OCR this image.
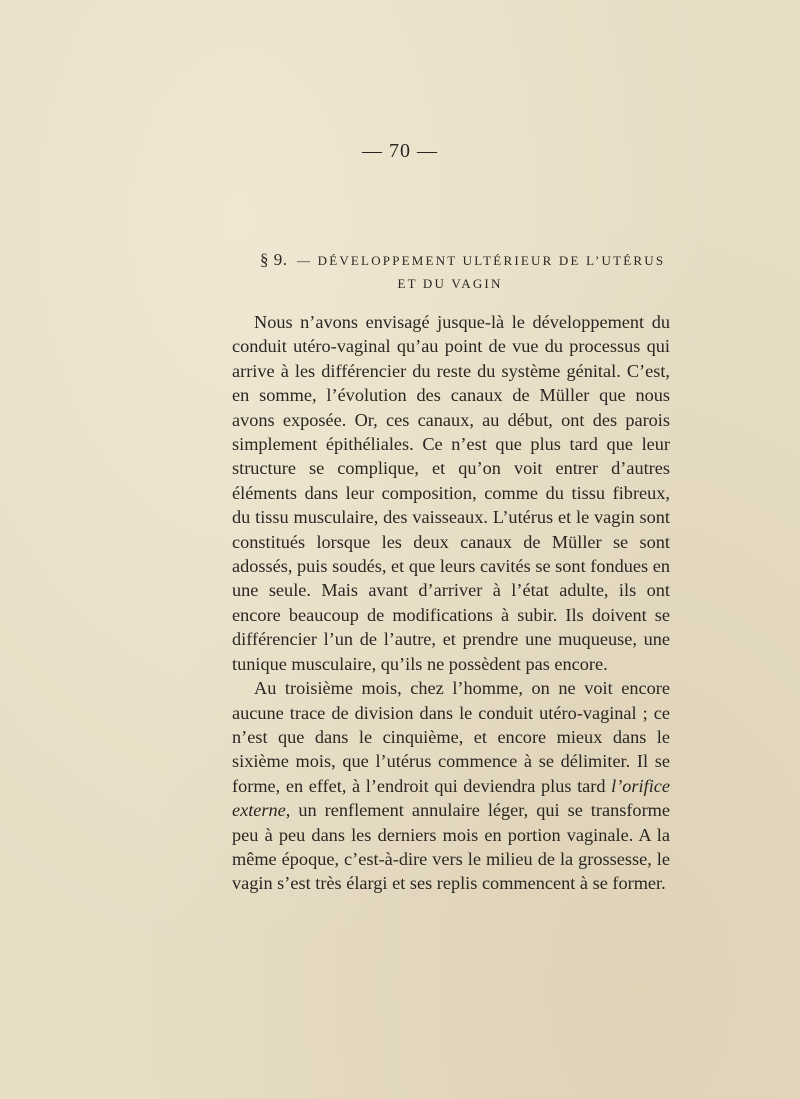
— 70 —
§ 9. — DÉVELOPPEMENT ULTÉRIEUR DE L’UTÉRUS
ET DU VAGIN

Nous n’avons envisagé jusque-là le développement du conduit utéro-vaginal qu’au point de vue du processus qui arrive à les différencier du reste du système génital. C’est, en somme, l’évolution des canaux de Müller que nous avons exposée. Or, ces canaux, au début, ont des parois simplement épithéliales. Ce n’est que plus tard que leur structure se complique, et qu’on voit entrer d’autres éléments dans leur composition, comme du tissu fibreux, du tissu musculaire, des vaisseaux. L’utérus et le vagin sont constitués lorsque les deux canaux de Müller se sont adossés, puis soudés, et que leurs cavités se sont fondues en une seule. Mais avant d’arriver à l’état adulte, ils ont encore beaucoup de modifications à subir. Ils doivent se différencier l’un de l’autre, et prendre une muqueuse, une tunique musculaire, qu’ils ne possèdent pas encore.

Au troisième mois, chez l’homme, on ne voit encore aucune trace de division dans le conduit utéro-vaginal ; ce n’est que dans le cinquième, et encore mieux dans le sixième mois, que l’utérus commence à se délimiter. Il se forme, en effet, à l’endroit qui deviendra plus tard l’orifice externe, un renflement annulaire léger, qui se transforme peu à peu dans les derniers mois en portion vaginale. A la même époque, c’est-à-dire vers le milieu de la grossesse, le vagin s’est très élargi et ses replis commencent à se former.
